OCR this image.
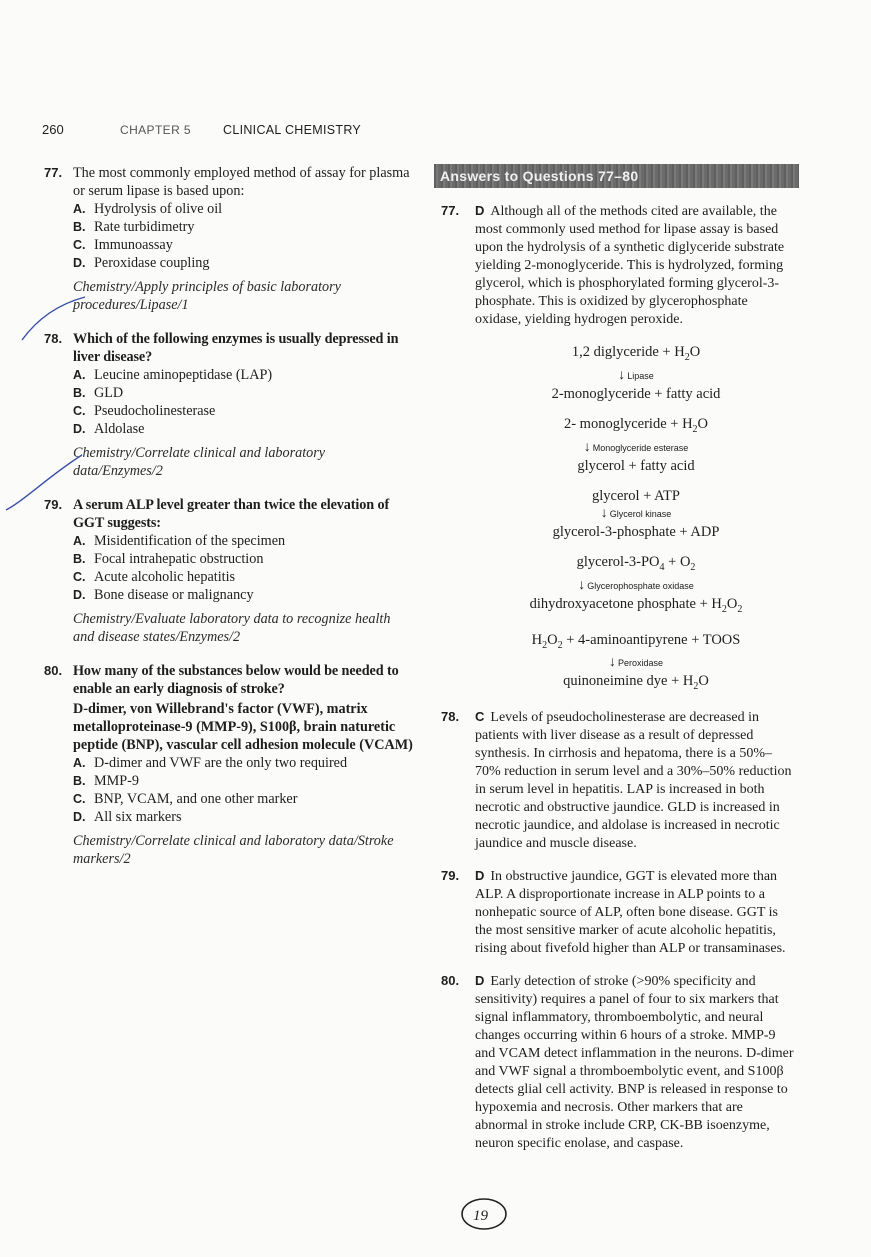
260	CHAPTER 5	CLINICAL CHEMISTRY
77. The most commonly employed method of assay for plasma or serum lipase is based upon:
A. Hydrolysis of olive oil
B. Rate turbidimetry
C. Immunoassay
D. Peroxidase coupling
Chemistry/Apply principles of basic laboratory procedures/Lipase/1
78. Which of the following enzymes is usually depressed in liver disease?
A. Leucine aminopeptidase (LAP)
B. GLD
C. Pseudocholinesterase
D. Aldolase
Chemistry/Correlate clinical and laboratory data/Enzymes/2
79. A serum ALP level greater than twice the elevation of GGT suggests:
A. Misidentification of the specimen
B. Focal intrahepatic obstruction
C. Acute alcoholic hepatitis
D. Bone disease or malignancy
Chemistry/Evaluate laboratory data to recognize health and disease states/Enzymes/2
80. How many of the substances below would be needed to enable an early diagnosis of stroke?
D-dimer, von Willebrand's factor (VWF), matrix metalloproteinase-9 (MMP-9), S100β, brain naturetic peptide (BNP), vascular cell adhesion molecule (VCAM)
A. D-dimer and VWF are the only two required
B. MMP-9
C. BNP, VCAM, and one other marker
D. All six markers
Chemistry/Correlate clinical and laboratory data/Stroke markers/2
Answers to Questions 77–80
77. D Although all of the methods cited are available, the most commonly used method for lipase assay is based upon the hydrolysis of a synthetic diglyceride substrate yielding 2-monoglyceride. This is hydrolyzed, forming glycerol, which is phosphorylated forming glycerol-3-phosphate. This is oxidized by glycerophosphate oxidase, yielding hydrogen peroxide.
1,2 diglyceride + $H_2O$
↓ Lipase
2-monoglyceride + fatty acid
2- monoglyceride + $H_2O$
↓ Monoglyceride esterase
glycerol + fatty acid
glycerol + ATP
↓ Glycerol kinase
glycerol-3-phosphate + ADP
glycerol-$3-PO_4 + O_2$
↓ Glycerophosphate oxidase
dihydroxyacetone phosphate + $H_2O_2$
$H_2O_2$ + 4-aminoantipyrene + TOOS
↓ Peroxidase
quinoneimine dye + $H_2O$
78. C Levels of pseudocholinesterase are decreased in patients with liver disease as a result of depressed synthesis. In cirrhosis and hepatoma, there is a 50%–70% reduction in serum level and a 30%–50% reduction in serum level in hepatitis. LAP is increased in both necrotic and obstructive jaundice. GLD is increased in necrotic jaundice, and aldolase is increased in necrotic jaundice and muscle disease.
79. D In obstructive jaundice, GGT is elevated more than ALP. A disproportionate increase in ALP points to a nonhepatic source of ALP, often bone disease. GGT is the most sensitive marker of acute alcoholic hepatitis, rising about fivefold higher than ALP or transaminases.
80. D Early detection of stroke (>90% specificity and sensitivity) requires a panel of four to six markers that signal inflammatory, thromboembolytic, and neural changes occurring within 6 hours of a stroke. MMP-9 and VCAM detect inflammation in the neurons. D-dimer and VWF signal a thromboembolytic event, and S100β detects glial cell activity. BNP is released in response to hypoxemia and necrosis. Other markers that are abnormal in stroke include CRP, CK-BB isoenzyme, neuron specific enolase, and caspase.
19
